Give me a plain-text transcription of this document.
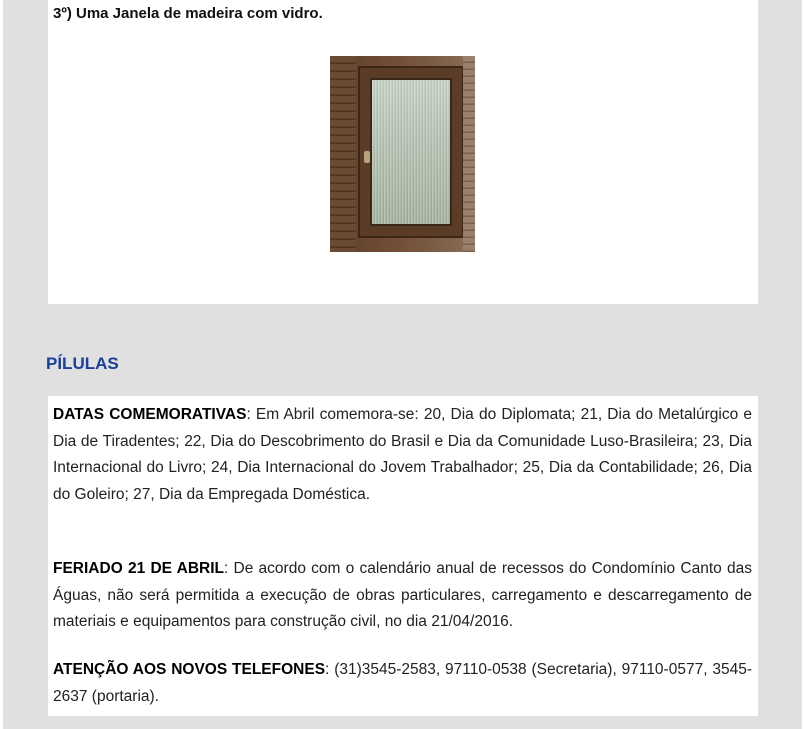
3º) Uma Janela de madeira com vidro.

PÍLULAS

DATAS COMEMORATIVAS: Em Abril comemora-se: 20, Dia do Diplomata; 21, Dia do Metalúrgico e Dia de Tiradentes; 22, Dia do Descobrimento do Brasil e Dia da Comunidade Luso-Brasileira; 23, Dia Internacional do Livro; 24, Dia Internacional do Jovem Trabalhador; 25, Dia da Contabilidade; 26, Dia do Goleiro; 27, Dia da Empregada Doméstica.

FERIADO 21 DE ABRIL: De acordo com o calendário anual de recessos do Condomínio Canto das Águas, não será permitida a execução de obras particulares, carregamento e descarregamento de materiais e equipamentos para construção civil, no dia 21/04/2016.

ATENÇÃO AOS NOVOS TELEFONES: (31)3545-2583, 97110-0538 (Secretaria), 97110-0577, 3545-2637 (portaria).
